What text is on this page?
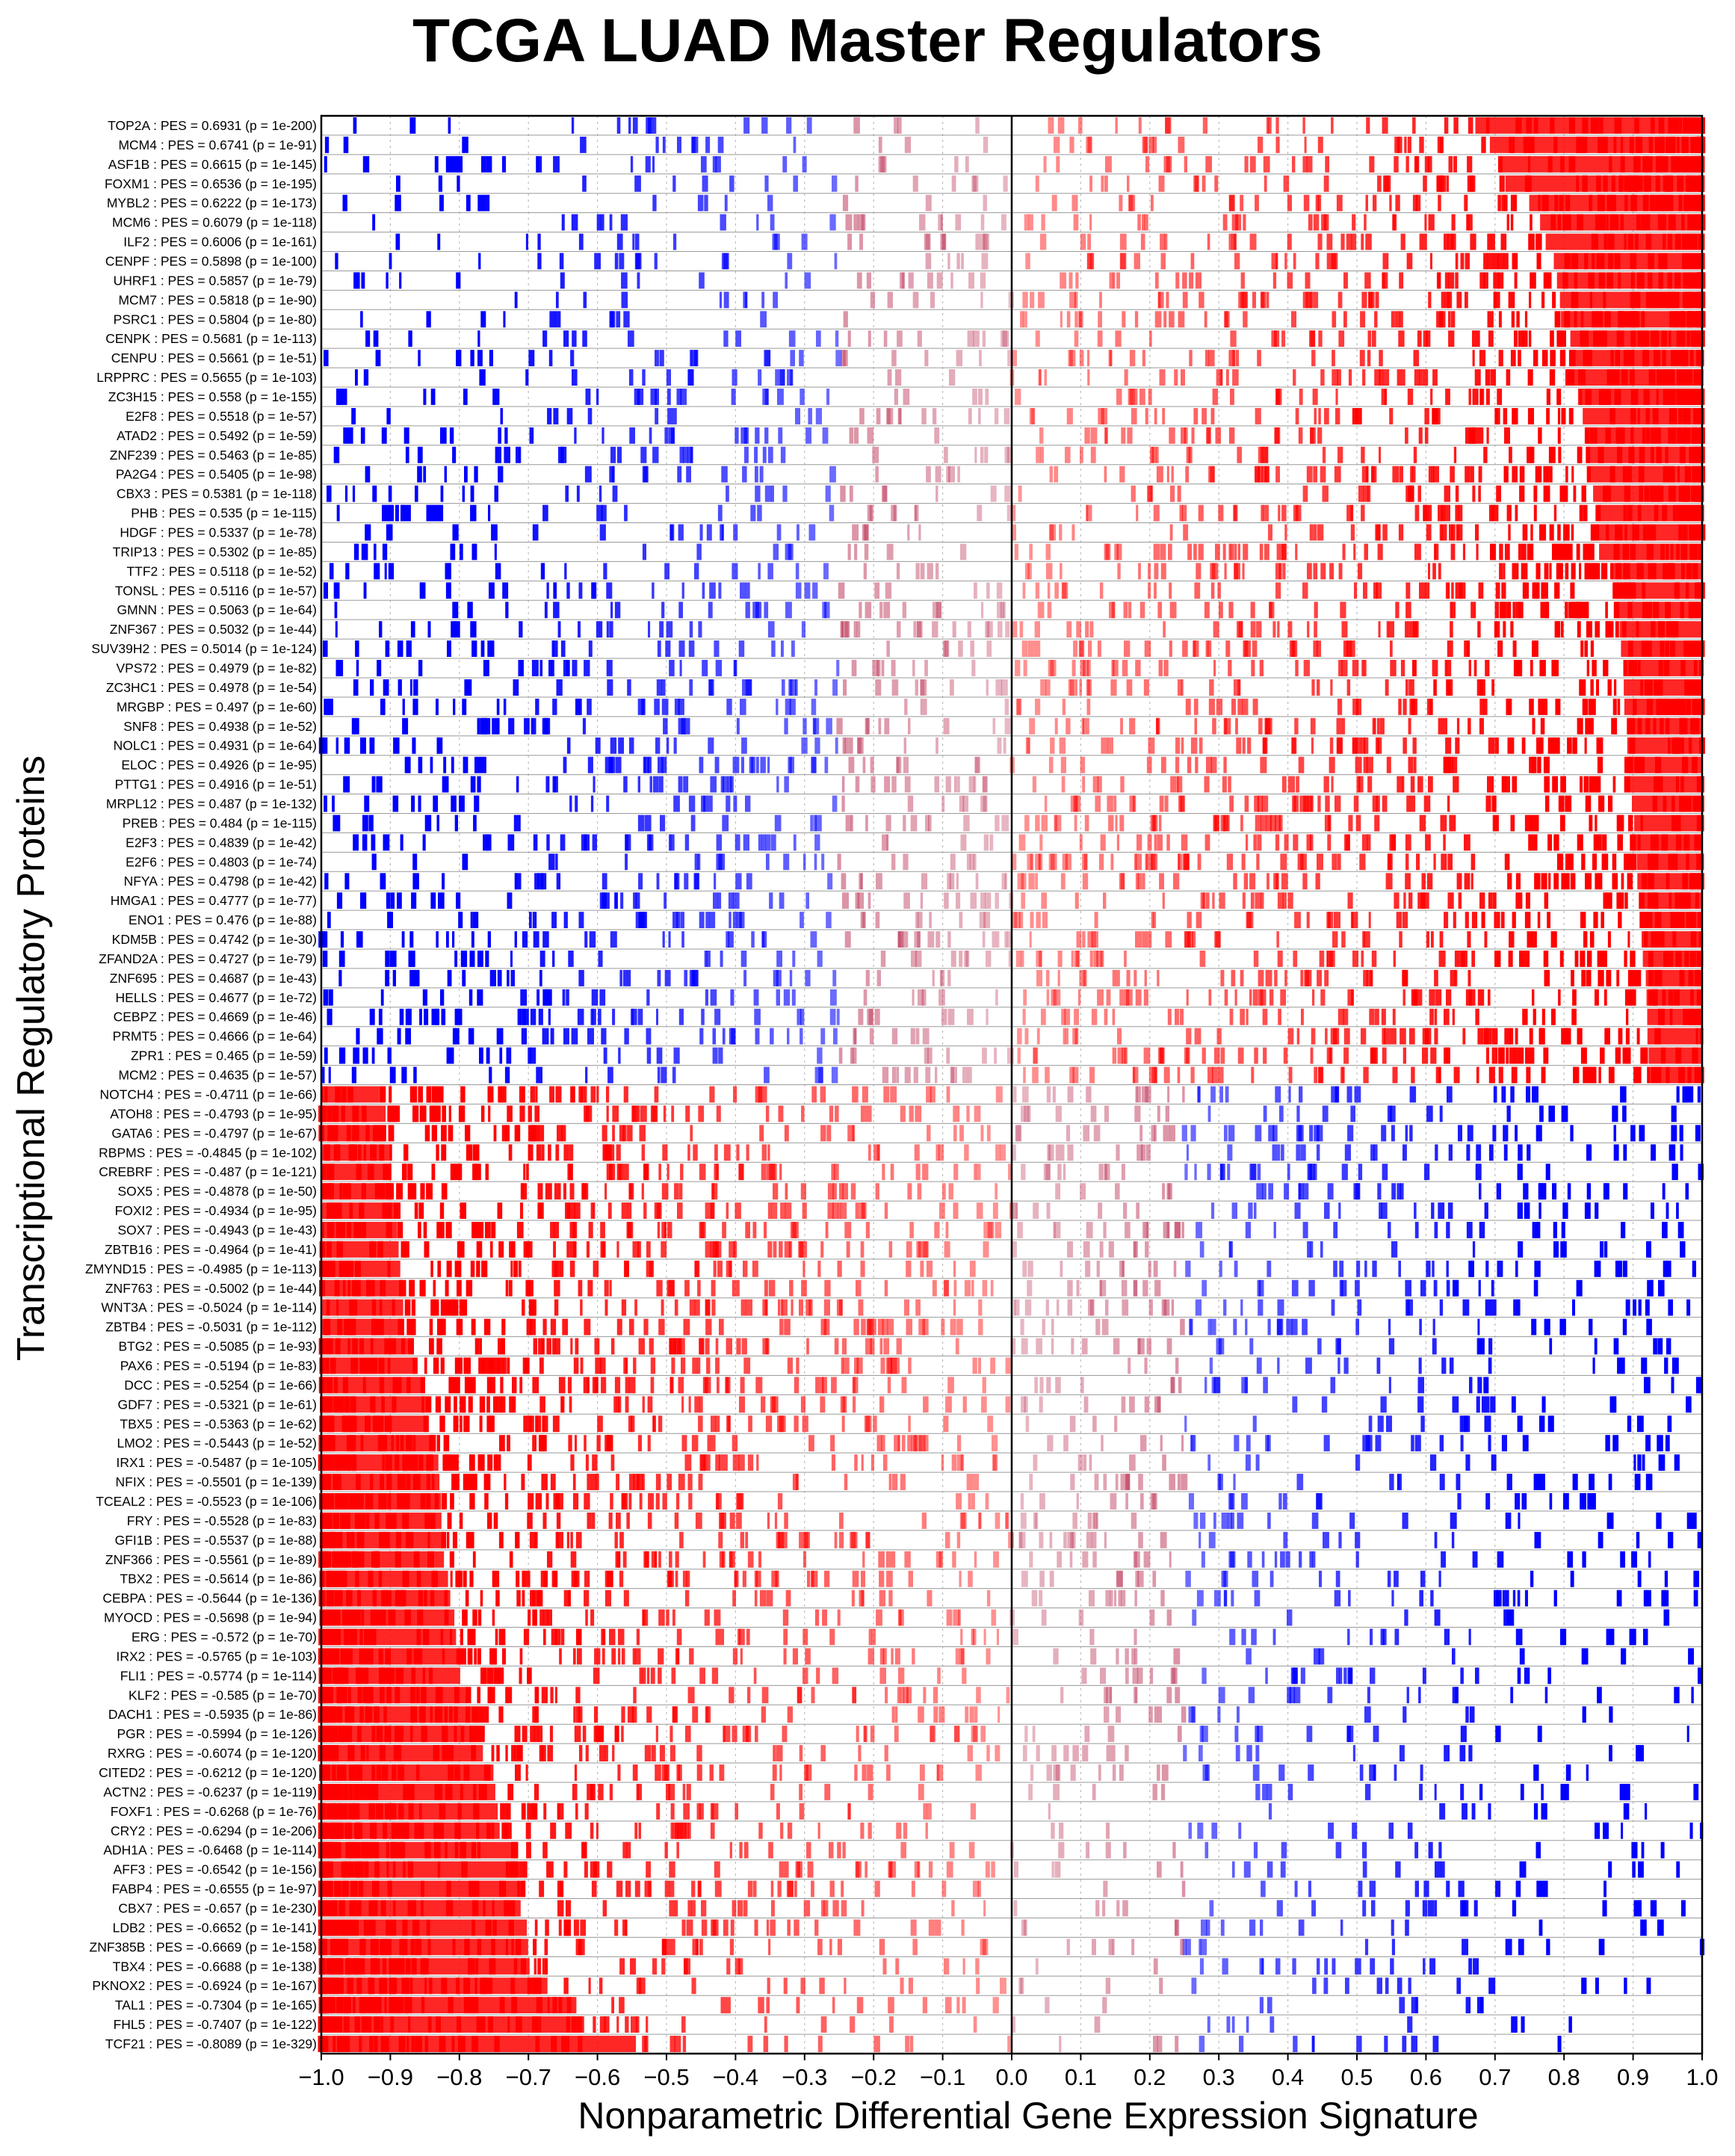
TCGA LUAD Master Regulators
TOP2A : PES = 0.6931 (p = 1e-200)
MCM4 : PES = 0.6741 (p = 1e-91)
ASF1B : PES = 0.6615 (p = 1e-145)
FOXM1 : PES = 0.6536 (p = 1e-195)
MYBL2 : PES = 0.6222 (p = 1e-173)
MCM6 : PES = 0.6079 (p = 1e-118)
ILF2 : PES = 0.6006 (p = 1e-161)
CENPF : PES = 0.5898 (p = 1e-100)
UHRF1 : PES = 0.5857 (p = 1e-79)
MCM7 : PES = 0.5818 (p = 1e-90)
PSRC1 : PES = 0.5804 (p = 1e-80)
CENPK : PES = 0.5681 (p = 1e-113)
CENPU : PES = 0.5661 (p = 1e-51)
LRPPRC : PES = 0.5655 (p = 1e-103)
ZC3H15 : PES = 0.558 (p = 1e-155)
E2F8 : PES = 0.5518 (p = 1e-57)
ATAD2 : PES = 0.5492 (p = 1e-59)
ZNF239 : PES = 0.5463 (p = 1e-85)
PA2G4 : PES = 0.5405 (p = 1e-98)
CBX3 : PES = 0.5381 (p = 1e-118)
PHB : PES = 0.535 (p = 1e-115)
HDGF : PES = 0.5337 (p = 1e-78)
TRIP13 : PES = 0.5302 (p = 1e-85)
TTF2 : PES = 0.5118 (p = 1e-52)
TONSL : PES = 0.5116 (p = 1e-57)
GMNN : PES = 0.5063 (p = 1e-64)
ZNF367 : PES = 0.5032 (p = 1e-44)
SUV39H2 : PES = 0.5014 (p = 1e-124)
VPS72 : PES = 0.4979 (p = 1e-82)
ZC3HC1 : PES = 0.4978 (p = 1e-54)
MRGBP : PES = 0.497 (p = 1e-60)
SNF8 : PES = 0.4938 (p = 1e-52)
NOLC1 : PES = 0.4931 (p = 1e-64)
ELOC : PES = 0.4926 (p = 1e-95)
PTTG1 : PES = 0.4916 (p = 1e-51)
MRPL12 : PES = 0.487 (p = 1e-132)
PREB : PES = 0.484 (p = 1e-115)
E2F3 : PES = 0.4839 (p = 1e-42)
E2F6 : PES = 0.4803 (p = 1e-74)
NFYA : PES = 0.4798 (p = 1e-42)
HMGA1 : PES = 0.4777 (p = 1e-77)
ENO1 : PES = 0.476 (p = 1e-88)
KDM5B : PES = 0.4742 (p = 1e-30)
ZFAND2A : PES = 0.4727 (p = 1e-79)
ZNF695 : PES = 0.4687 (p = 1e-43)
HELLS : PES = 0.4677 (p = 1e-72)
CEBPZ : PES = 0.4669 (p = 1e-46)
PRMT5 : PES = 0.4666 (p = 1e-64)
ZPR1 : PES = 0.465 (p = 1e-59)
MCM2 : PES = 0.4635 (p = 1e-57)
NOTCH4 : PES = -0.4711 (p = 1e-66)
ATOH8 : PES = -0.4793 (p = 1e-95)
GATA6 : PES = -0.4797 (p = 1e-67)
RBPMS : PES = -0.4845 (p = 1e-102)
CREBRF : PES = -0.487 (p = 1e-121)
SOX5 : PES = -0.4878 (p = 1e-50)
FOXI2 : PES = -0.4934 (p = 1e-95)
SOX7 : PES = -0.4943 (p = 1e-43)
ZBTB16 : PES = -0.4964 (p = 1e-41)
ZMYND15 : PES = -0.4985 (p = 1e-113)
ZNF763 : PES = -0.5002 (p = 1e-44)
WNT3A : PES = -0.5024 (p = 1e-114)
ZBTB4 : PES = -0.5031 (p = 1e-112)
BTG2 : PES = -0.5085 (p = 1e-93)
PAX6 : PES = -0.5194 (p = 1e-83)
DCC : PES = -0.5254 (p = 1e-66)
GDF7 : PES = -0.5321 (p = 1e-61)
TBX5 : PES = -0.5363 (p = 1e-62)
LMO2 : PES = -0.5443 (p = 1e-52)
IRX1 : PES = -0.5487 (p = 1e-105)
NFIX : PES = -0.5501 (p = 1e-139)
TCEAL2 : PES = -0.5523 (p = 1e-106)
FRY : PES = -0.5528 (p = 1e-83)
GFI1B : PES = -0.5537 (p = 1e-88)
ZNF366 : PES = -0.5561 (p = 1e-89)
TBX2 : PES = -0.5614 (p = 1e-86)
CEBPA : PES = -0.5644 (p = 1e-136)
MYOCD : PES = -0.5698 (p = 1e-94)
ERG : PES = -0.572 (p = 1e-70)
IRX2 : PES = -0.5765 (p = 1e-103)
FLI1 : PES = -0.5774 (p = 1e-114)
KLF2 : PES = -0.585 (p = 1e-70)
DACH1 : PES = -0.5935 (p = 1e-86)
PGR : PES = -0.5994 (p = 1e-126)
RXRG : PES = -0.6074 (p = 1e-120)
CITED2 : PES = -0.6212 (p = 1e-120)
ACTN2 : PES = -0.6237 (p = 1e-119)
FOXF1 : PES = -0.6268 (p = 1e-76)
CRY2 : PES = -0.6294 (p = 1e-206)
ADH1A : PES = -0.6468 (p = 1e-114)
AFF3 : PES = -0.6542 (p = 1e-156)
FABP4 : PES = -0.6555 (p = 1e-97)
CBX7 : PES = -0.657 (p = 1e-230)
LDB2 : PES = -0.6652 (p = 1e-141)
ZNF385B : PES = -0.6669 (p = 1e-158)
TBX4 : PES = -0.6688 (p = 1e-138)
PKNOX2 : PES = -0.6924 (p = 1e-167)
TAL1 : PES = -0.7304 (p = 1e-165)
FHL5 : PES = -0.7407 (p = 1e-122)
TCF21 : PES = -0.8089 (p = 1e-329)
−1.0 −0.9 −0.8 −0.7 −0.6 −0.5 −0.4 −0.3 −0.2 −0.1 0.0 0.1 0.2 0.3 0.4 0.5 0.6 0.7 0.8 0.9 1.0
Transcriptional Regulatory Proteins
Nonparametric Differential Gene Expression Signature
